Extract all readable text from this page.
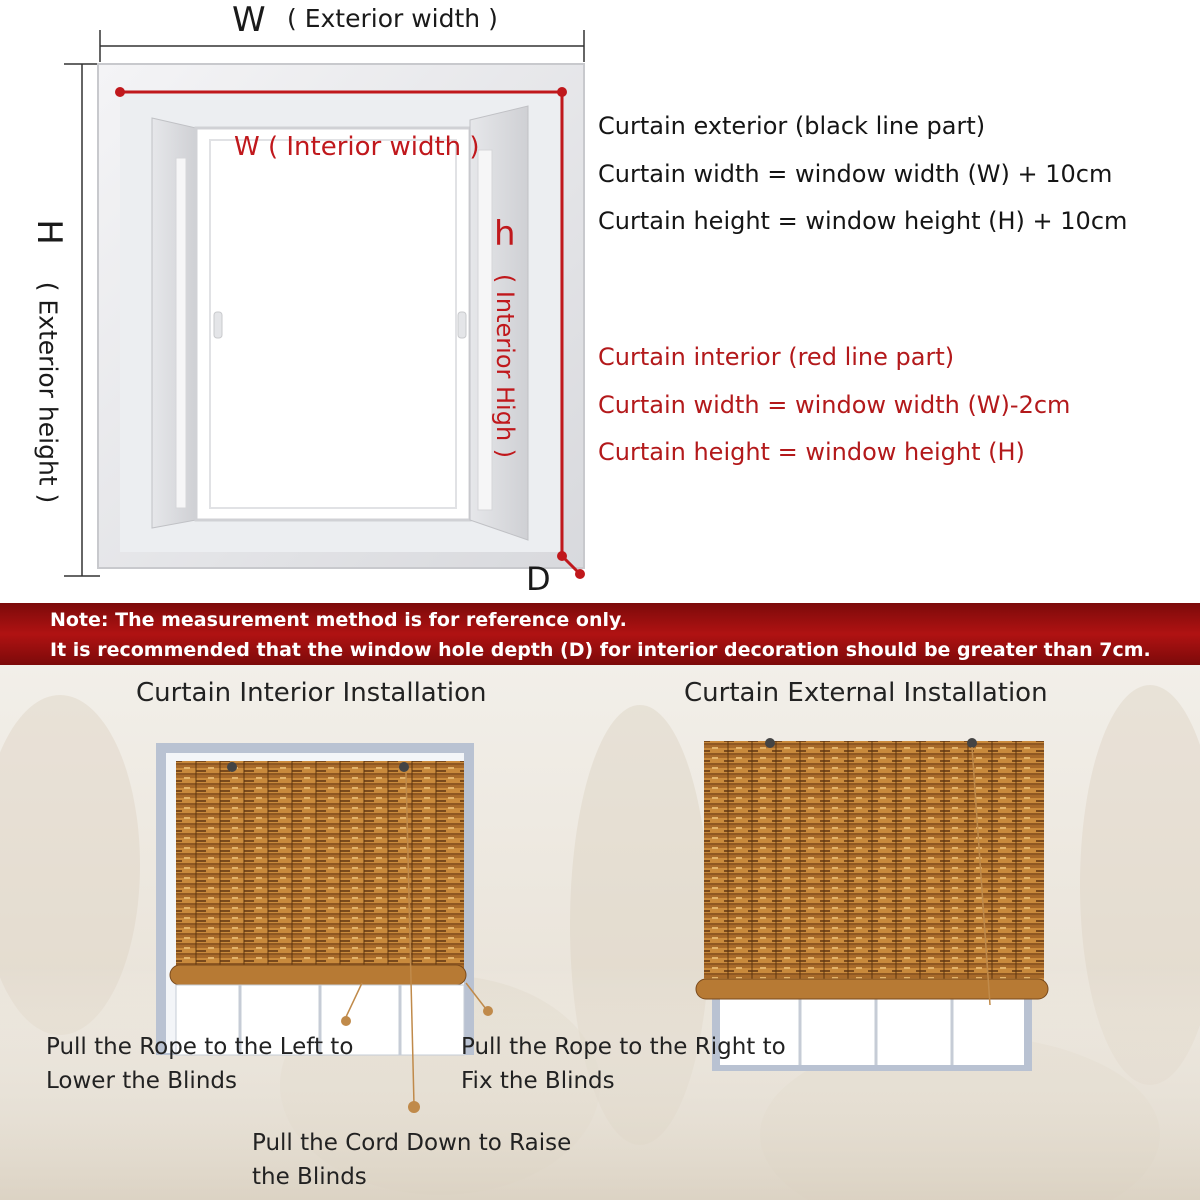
W ( Exterior width )
H
( Exterior height )
W ( Interior width )
h
( Interior High )
D
Curtain exterior (black line part)
Curtain width = window width (W) + 10cm
Curtain height = window height (H) + 10cm
Curtain interior (red line part)
Curtain width = window width (W)-2cm
Curtain height = window height (H)
Note: The measurement method is for reference only.
It is recommended that the window hole depth (D) for interior decoration should be greater than 7cm.
Curtain Interior Installation	Curtain External Installation
Pull the Rope to the Left to
Lower the Blinds
Pull the Rope to the Right to
Fix the Blinds
Pull the Cord Down to Raise
the Blinds
